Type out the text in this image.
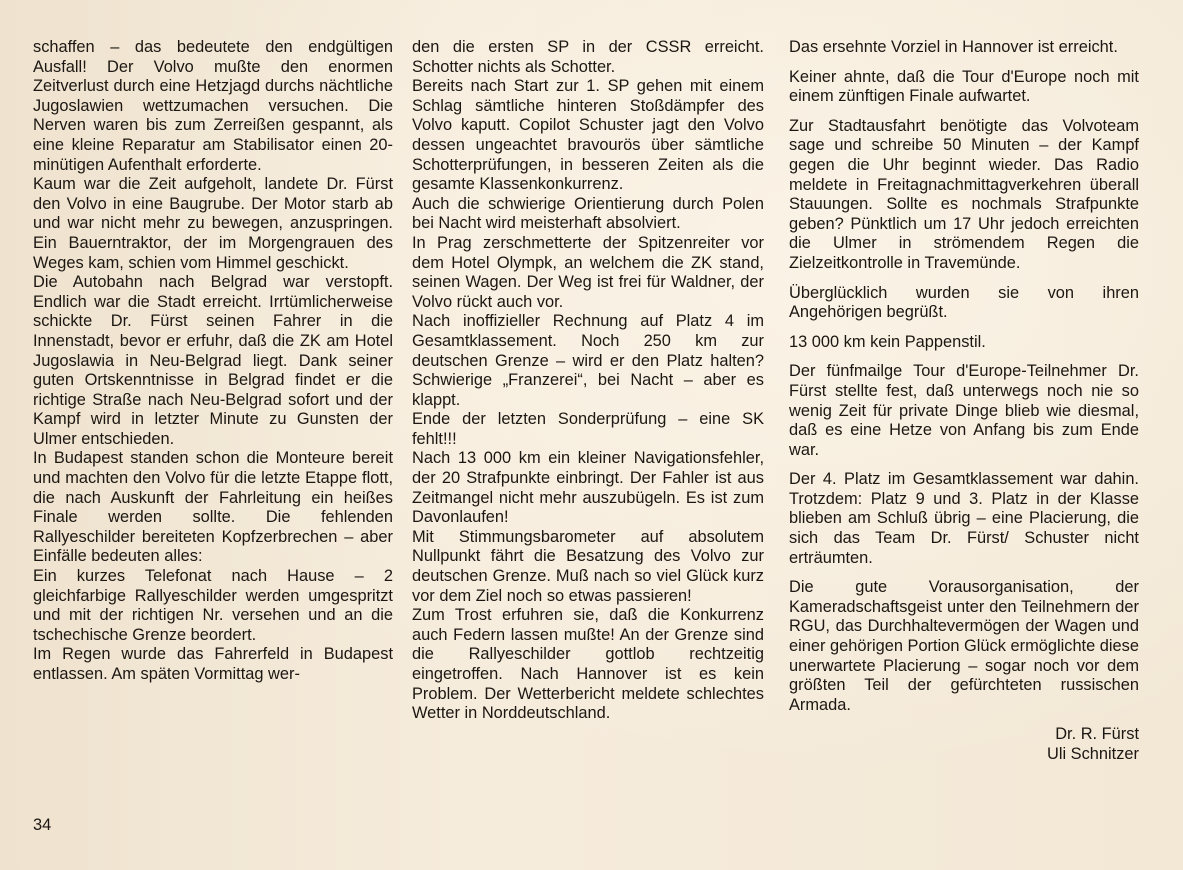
schaffen – das bedeutete den endgültigen Ausfall! Der Volvo mußte den enormen Zeitverlust durch eine Hetzjagd durchs nächtliche Jugoslawien wettzumachen versuchen. Die Nerven waren bis zum Zerreißen gespannt, als eine kleine Reparatur am Stabilisator einen 20-minütigen Aufenthalt erforderte.

Kaum war die Zeit aufgeholt, landete Dr. Fürst den Volvo in eine Baugrube. Der Motor starb ab und war nicht mehr zu bewegen, anzuspringen. Ein Bauerntraktor, der im Morgengrauen des Weges kam, schien vom Himmel geschickt.

Die Autobahn nach Belgrad war verstopft. Endlich war die Stadt erreicht. Irrtümlicherweise schickte Dr. Fürst seinen Fahrer in die Innenstadt, bevor er erfuhr, daß die ZK am Hotel Jugoslawia in Neu-Belgrad liegt. Dank seiner guten Ortskenntnisse in Belgrad findet er die richtige Straße nach Neu-Belgrad sofort und der Kampf wird in letzter Minute zu Gunsten der Ulmer entschieden.

In Budapest standen schon die Monteure bereit und machten den Volvo für die letzte Etappe flott, die nach Auskunft der Fahrleitung ein heißes Finale werden sollte. Die fehlenden Rallyeschilder bereiteten Kopfzerbrechen – aber Einfälle bedeuten alles:

Ein kurzes Telefonat nach Hause – 2 gleichfarbige Rallyeschilder werden umgespritzt und mit der richtigen Nr. versehen und an die tschechische Grenze beordert.

Im Regen wurde das Fahrerfeld in Budapest entlassen. Am späten Vormittag wer-

den die ersten SP in der CSSR erreicht. Schotter nichts als Schotter.

Bereits nach Start zur 1. SP gehen mit einem Schlag sämtliche hinteren Stoßdämpfer des Volvo kaputt. Copilot Schuster jagt den Volvo dessen ungeachtet bravourös über sämtliche Schotterprüfungen, in besseren Zeiten als die gesamte Klassenkonkurrenz.

Auch die schwierige Orientierung durch Polen bei Nacht wird meisterhaft absolviert.

In Prag zerschmetterte der Spitzenreiter vor dem Hotel Olympk, an welchem die ZK stand, seinen Wagen. Der Weg ist frei für Waldner, der Volvo rückt auch vor.

Nach inoffizieller Rechnung auf Platz 4 im Gesamtklassement. Noch 250 km zur deutschen Grenze – wird er den Platz halten? Schwierige „Franzerei“, bei Nacht – aber es klappt.

Ende der letzten Sonderprüfung – eine SK fehlt!!!

Nach 13 000 km ein kleiner Navigationsfehler, der 20 Strafpunkte einbringt. Der Fahler ist aus Zeitmangel nicht mehr auszubügeln. Es ist zum Davonlaufen!

Mit Stimmungsbarometer auf absolutem Nullpunkt fährt die Besatzung des Volvo zur deutschen Grenze. Muß nach so viel Glück kurz vor dem Ziel noch so etwas passieren!

Zum Trost erfuhren sie, daß die Konkurrenz auch Federn lassen mußte! An der Grenze sind die Rallyeschilder gottlob rechtzeitig eingetroffen. Nach Hannover ist es kein Problem. Der Wetterbericht meldete schlechtes Wetter in Norddeutschland.

Das ersehnte Vorziel in Hannover ist erreicht.

Keiner ahnte, daß die Tour d'Europe noch mit einem zünftigen Finale aufwartet.

Zur Stadtausfahrt benötigte das Volvoteam sage und schreibe 50 Minuten – der Kampf gegen die Uhr beginnt wieder. Das Radio meldete in Freitagnachmittagverkehren überall Stauungen. Sollte es nochmals Strafpunkte geben? Pünktlich um 17 Uhr jedoch erreichten die Ulmer in strömendem Regen die Zielzeitkontrolle in Travemünde.

Überglücklich wurden sie von ihren Angehörigen begrüßt.

13 000 km kein Pappenstil.

Der fünfmailge Tour d'Europe-Teilnehmer Dr. Fürst stellte fest, daß unterwegs noch nie so wenig Zeit für private Dinge blieb wie diesmal, daß es eine Hetze von Anfang bis zum Ende war.

Der 4. Platz im Gesamtklassement war dahin. Trotzdem: Platz 9 und 3. Platz in der Klasse blieben am Schluß übrig – eine Placierung, die sich das Team Dr. Fürst/ Schuster nicht erträumten.

Die gute Vorausorganisation, der Kameradschaftsgeist unter den Teilnehmern der RGU, das Durchhaltevermögen der Wagen und einer gehörigen Portion Glück ermöglichte diese unerwartete Placierung – sogar noch vor dem größten Teil der gefürchteten russischen Armada.

Dr. R. Fürst

Uli Schnitzer

34
